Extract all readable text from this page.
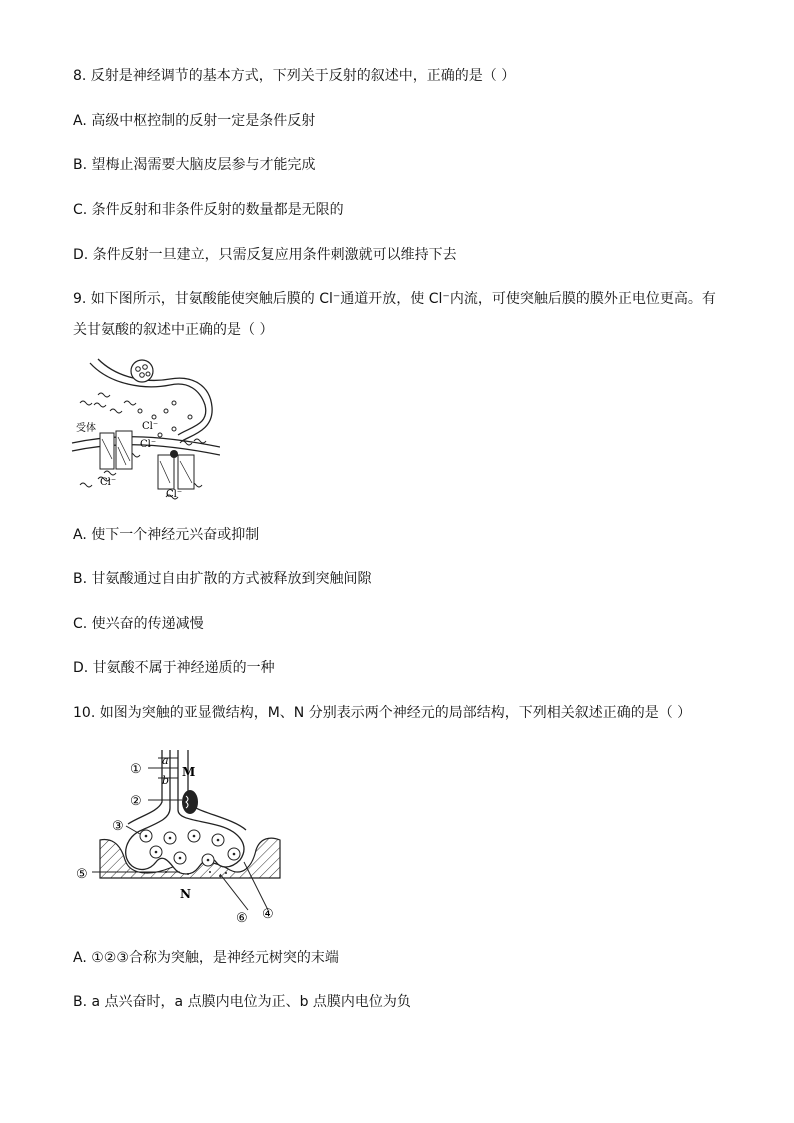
8. 反射是神经调节的基本方式，下列关于反射的叙述中，正确的是（ ）
A. 高级中枢控制的反射一定是条件反射
B. 望梅止渴需要大脑皮层参与才能完成
C. 条件反射和非条件反射的数量都是无限的
D. 条件反射一旦建立，只需反复应用条件刺激就可以维持下去
9. 如下图所示，甘氨酸能使突触后膜的 Cl⁻通道开放，使 Cl⁻内流，可使突触后膜的膜外正电位更高。有
关甘氨酸的叙述中正确的是（ ）
受体	Cl⁻
Cl⁻
Cl⁻
Cl⁻
A. 使下一个神经元兴奋或抑制
B. 甘氨酸通过自由扩散的方式被释放到突触间隙
C. 使兴奋的传递减慢
D. 甘氨酸不属于神经递质的一种
10. 如图为突触的亚显微结构，M、N 分别表示两个神经元的局部结构，下列相关叙述正确的是（ ）
①
a
b
M
②
③
⑤
N
⑥ ④
A. ①②③合称为突触，是神经元树突的末端
B. a 点兴奋时，a 点膜内电位为正、b 点膜内电位为负
